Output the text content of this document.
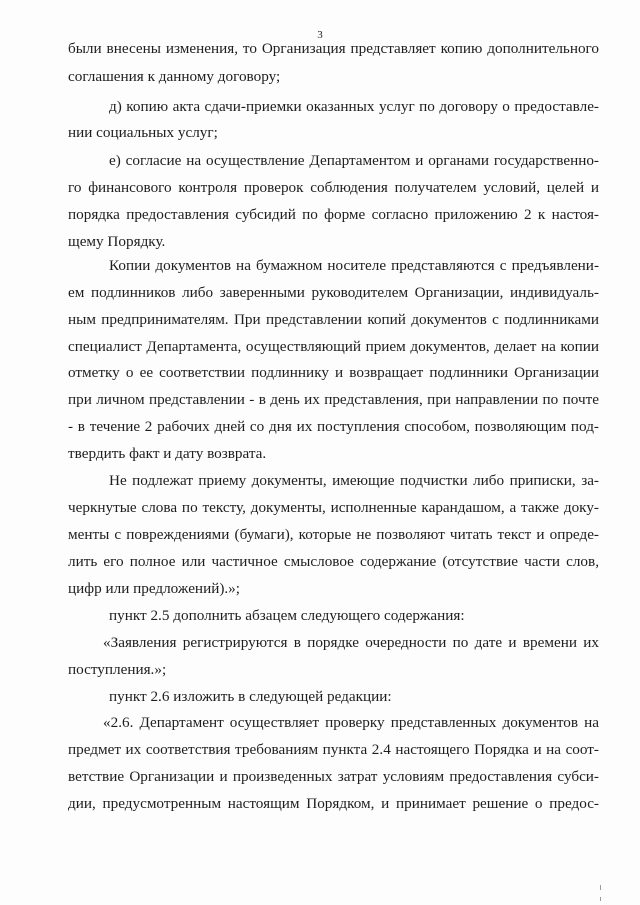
3
были внесены изменения, то Организация представляет копию дополнительного
соглашения к данному договору;
д) копию акта сдачи-приемки оказанных услуг по договору о предоставле-
нии социальных услуг;
е) согласие на осуществление Департаментом и органами государственно-
го финансового контроля проверок соблюдения получателем условий, целей и
порядка предоставления субсидий по форме согласно приложению 2 к настоя-
щему Порядку.
Копии документов на бумажном носителе представляются с предъявлени-
ем подлинников либо заверенными руководителем Организации, индивидуаль-
ным предпринимателям. При представлении копий документов с подлинниками
специалист Департамента, осуществляющий прием документов, делает на копии
отметку о ее соответствии подлиннику и возвращает подлинники Организации
при личном представлении - в день их представления, при направлении по почте
- в течение 2 рабочих дней со дня их поступления способом, позволяющим под-
твердить факт и дату возврата.
Не подлежат приему документы, имеющие подчистки либо приписки, за-
черкнутые слова по тексту, документы, исполненные карандашом, а также доку-
менты с повреждениями (бумаги), которые не позволяют читать текст и опреде-
лить его полное или частичное смысловое содержание (отсутствие части слов,
цифр или предложений).»;
пункт 2.5 дополнить абзацем следующего содержания:
«Заявления регистрируются в порядке очередности по дате и времени их
поступления.»;
пункт 2.6 изложить в следующей редакции:
«2.6. Департамент осуществляет проверку представленных документов на
предмет их соответствия требованиям пункта 2.4 настоящего Порядка и на соот-
ветствие Организации и произведенных затрат условиям предоставления субси-
дии, предусмотренным настоящим Порядком, и принимает решение о предос-
